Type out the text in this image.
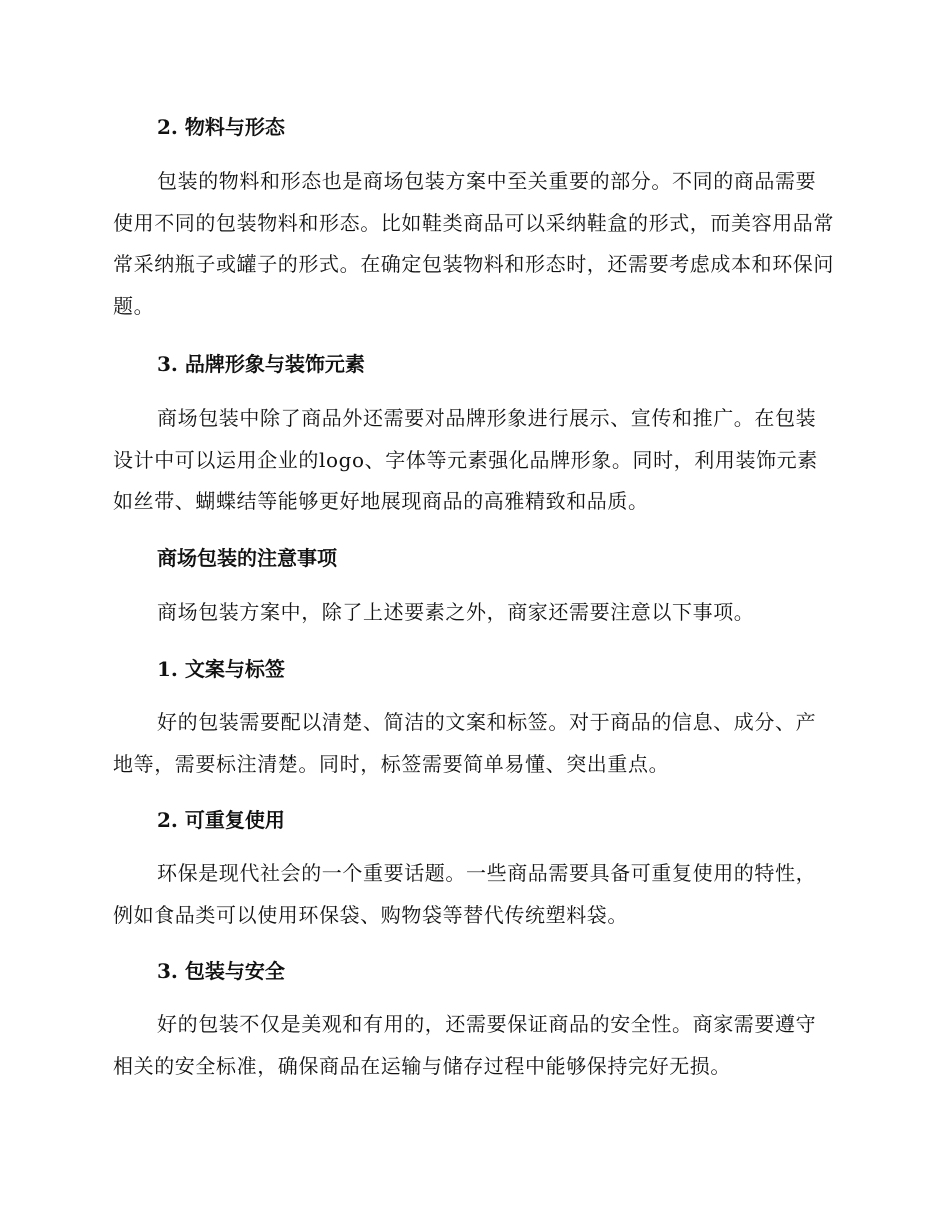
2. 物料与形态

包装的物料和形态也是商场包装方案中至关重要的部分。不同的商品需要使用不同的包装物料和形态。比如鞋类商品可以采纳鞋盒的形式，而美容用品常常采纳瓶子或罐子的形式。在确定包装物料和形态时，还需要考虑成本和环保问题。

3. 品牌形象与装饰元素

商场包装中除了商品外还需要对品牌形象进行展示、宣传和推广。在包装设计中可以运用企业的logo、字体等元素强化品牌形象。同时，利用装饰元素如丝带、蝴蝶结等能够更好地展现商品的高雅精致和品质。

商场包装的注意事项

商场包装方案中，除了上述要素之外，商家还需要注意以下事项。

1. 文案与标签

好的包装需要配以清楚、简洁的文案和标签。对于商品的信息、成分、产地等，需要标注清楚。同时，标签需要简单易懂、突出重点。

2. 可重复使用

环保是现代社会的一个重要话题。一些商品需要具备可重复使用的特性，例如食品类可以使用环保袋、购物袋等替代传统塑料袋。

3. 包装与安全

好的包装不仅是美观和有用的，还需要保证商品的安全性。商家需要遵守相关的安全标准，确保商品在运输与储存过程中能够保持完好无损。
